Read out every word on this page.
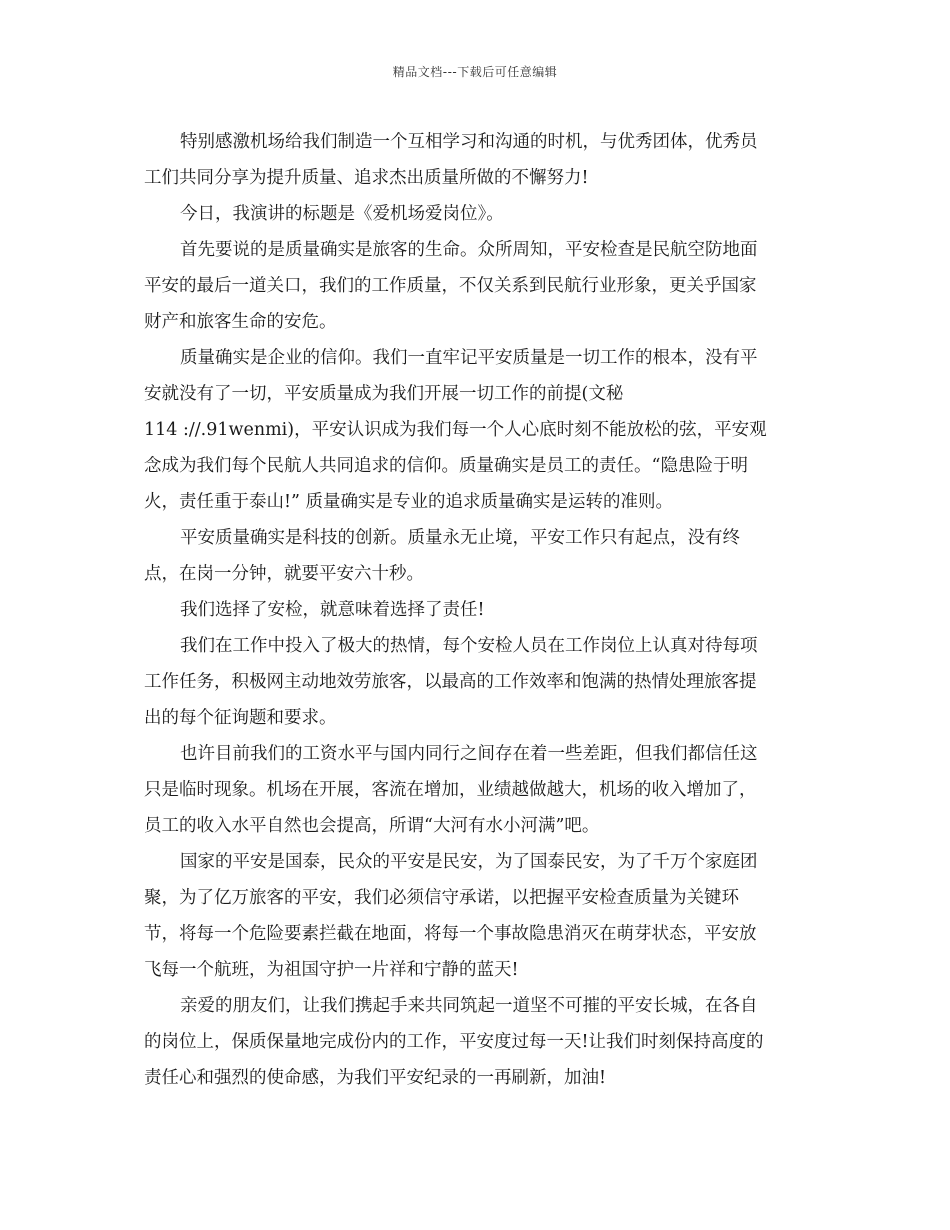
精品文档---下载后可任意编辑
特别感激机场给我们制造一个互相学习和沟通的时机，与优秀团体，优秀员
工们共同分享为提升质量、追求杰出质量所做的不懈努力!
今日，我演讲的标题是《爱机场爱岗位》。
首先要说的是质量确实是旅客的生命。众所周知，平安检查是民航空防地面
平安的最后一道关口，我们的工作质量，不仅关系到民航行业形象，更关乎国家
财产和旅客生命的安危。
质量确实是企业的信仰。我们一直牢记平安质量是一切工作的根本，没有平
安就没有了一切，平安质量成为我们开展一切工作的前提(文秘
114 ://.91wenmi)，平安认识成为我们每一个人心底时刻不能放松的弦，平安观
念成为我们每个民航人共同追求的信仰。质量确实是员工的责任。“隐患险于明
火，责任重于泰山!” 质量确实是专业的追求质量确实是运转的准则。
平安质量确实是科技的创新。质量永无止境，平安工作只有起点，没有终
点，在岗一分钟，就要平安六十秒。
我们选择了安检，就意味着选择了责任!
我们在工作中投入了极大的热情，每个安检人员在工作岗位上认真对待每项
工作任务，积极网主动地效劳旅客，以最高的工作效率和饱满的热情处理旅客提
出的每个征询题和要求。
也许目前我们的工资水平与国内同行之间存在着一些差距，但我们都信任这
只是临时现象。机场在开展，客流在增加，业绩越做越大，机场的收入增加了，
员工的收入水平自然也会提高，所谓“大河有水小河满”吧。
国家的平安是国泰，民众的平安是民安，为了国泰民安，为了千万个家庭团
聚，为了亿万旅客的平安，我们必须信守承诺，以把握平安检查质量为关键环
节，将每一个危险要素拦截在地面，将每一个事故隐患消灭在萌芽状态，平安放
飞每一个航班，为祖国守护一片祥和宁静的蓝天!
亲爱的朋友们，让我们携起手来共同筑起一道坚不可摧的平安长城，在各自
的岗位上，保质保量地完成份内的工作，平安度过每一天!让我们时刻保持高度的
责任心和强烈的使命感，为我们平安纪录的一再刷新，加油!
